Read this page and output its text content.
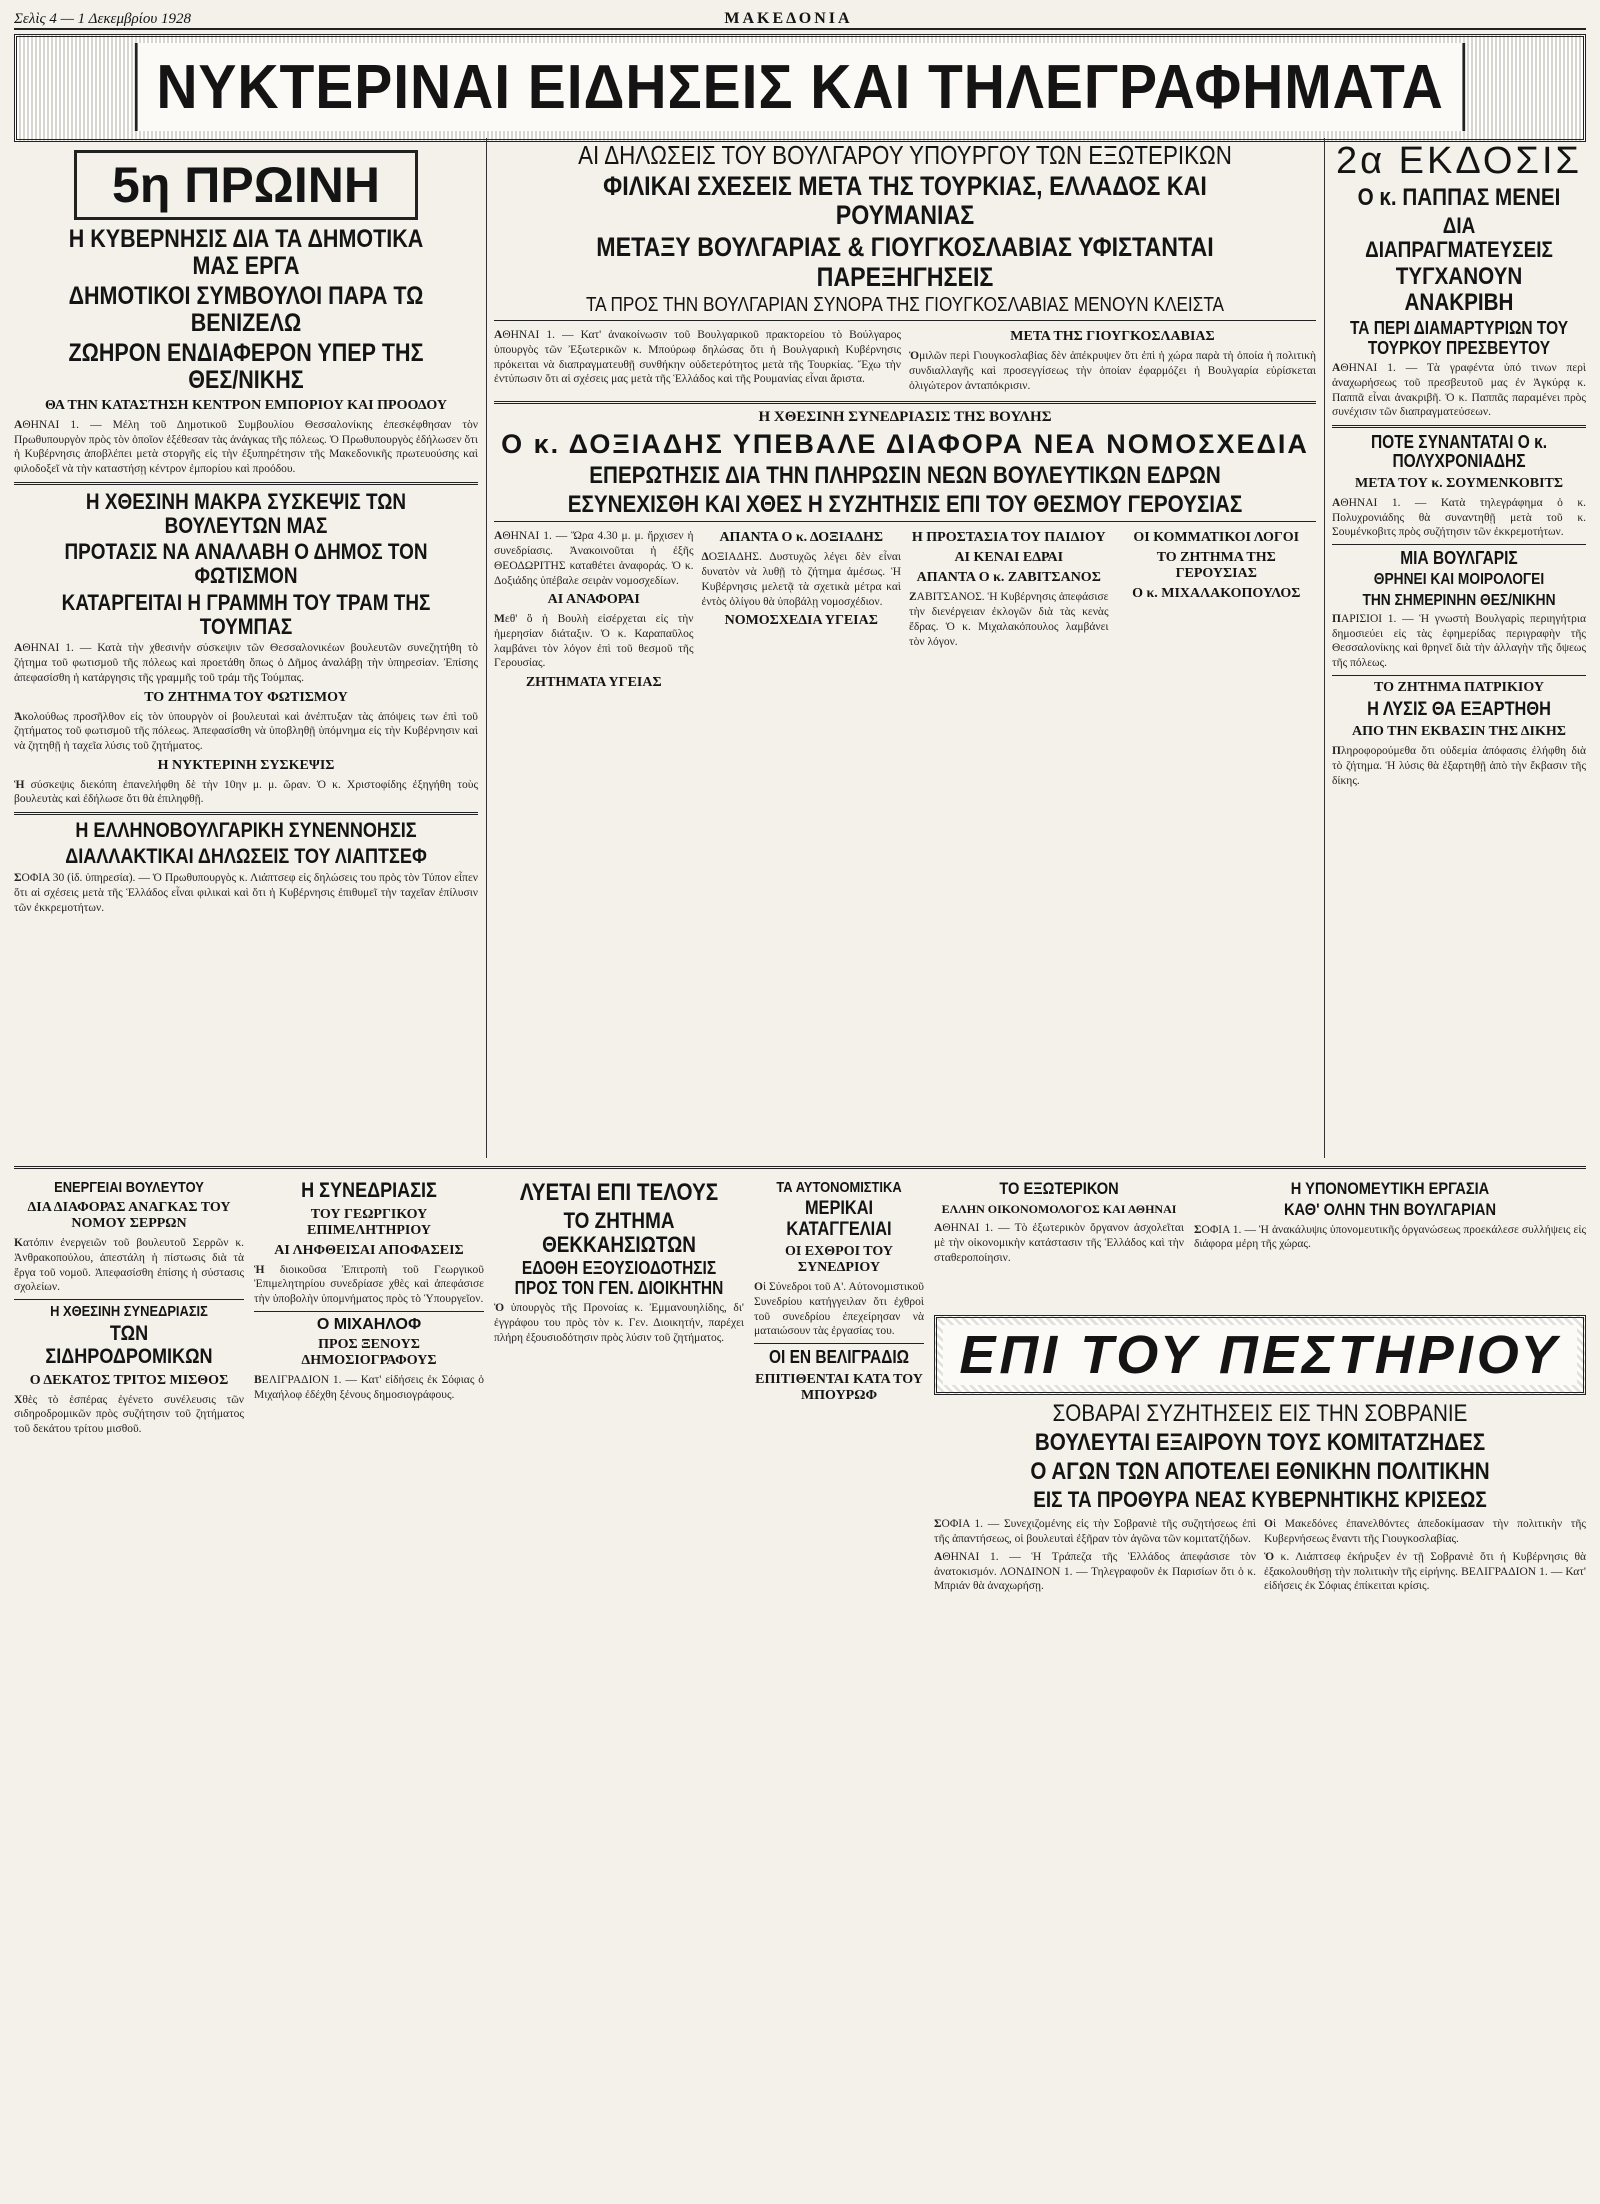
Σελὶς 4 — 1 Δεκεμβρίου 1928	ΜΑΚΕΔΟΝΙΑ
ΝΥΚΤΕΡΙΝΑΙ ΕΙΔΗΣΕΙΣ ΚΑΙ ΤΗΛΕΓΡΑΦΗΜΑΤΑ
5η ΠΡΩΙΝΗ
Η ΚΥΒΕΡΝΗΣΙΣ ΔΙΑ ΤΑ ΔΗΜΟΤΙΚΑ ΜΑΣ ΕΡΓΑ
ΔΗΜΟΤΙΚΟΙ ΣΥΜΒΟΥΛΟΙ ΠΑΡΑ ΤΩ ΒΕΝΙΖΕΛΩ
ΖΩΗΡΟΝ ΕΝΔΙΑΦΕΡΟΝ ΥΠΕΡ ΤΗΣ ΘΕΣ/ΝΙΚΗΣ
ΘΑ ΤΗΝ ΚΑΤΑΣΤΗΣΗ ΚΕΝΤΡΟΝ ΕΜΠΟΡΙΟΥ ΚΑΙ ΠΡΟΟΔΟΥ

ΑΘΗΝΑΙ 1. — Μέλη τοῦ Δημοτικοῦ Συμβουλίου Θεσσαλονίκης ἐπεσκέφθησαν τὸν Πρωθυπουργὸν πρὸς τὸν ὁποῖον ἐξέθεσαν τὰς ἀνάγκας τῆς πόλεως. Ὁ Πρωθυπουργὸς ἐδήλωσεν ὅτι ἡ Κυβέρνησις ἀποβλέπει μετὰ στοργῆς εἰς τὴν ἐξυπηρέτησιν τῆς Μακεδονικῆς πρωτευούσης καὶ φιλοδοξεῖ νὰ τὴν καταστήσῃ κέντρον ἐμπορίου καὶ προόδου.

Η ΧΘΕΣΙΝΗ ΜΑΚΡΑ ΣΥΣΚΕΨΙΣ ΤΩΝ ΒΟΥΛΕΥΤΩΝ ΜΑΣ
ΠΡΟΤΑΣΙΣ ΝΑ ΑΝΑΛΑΒΗ Ο ΔΗΜΟΣ ΤΟΝ ΦΩΤΙΣΜΟΝ
ΚΑΤΑΡΓΕΙΤΑΙ Η ΓΡΑΜΜΗ ΤΟΥ ΤΡΑΜ ΤΗΣ ΤΟΥΜΠΑΣ

ΑΘΗΝΑΙ 1. — Κατὰ τὴν χθεσινὴν σύσκεψιν τῶν Θεσσαλονικέων βουλευτῶν συνεζητήθη τὸ ζήτημα τοῦ φωτισμοῦ τῆς πόλεως καὶ προετάθη ὅπως ὁ Δῆμος ἀναλάβῃ τὴν ὑπηρεσίαν. Ἐπίσης ἀπεφασίσθη ἡ κατάργησις τῆς γραμμῆς τοῦ τράμ τῆς Τούμπας.

ΤΟ ΖΗΤΗΜΑ ΤΟΥ ΦΩΤΙΣΜΟΥ

Ἀκολούθως προσῆλθον εἰς τὸν ὑπουργὸν οἱ βουλευταὶ καὶ ἀνέπτυξαν τὰς ἀπόψεις των ἐπὶ τοῦ ζητήματος τοῦ φωτισμοῦ τῆς πόλεως. Ἀπεφασίσθη νὰ ὑποβληθῇ ὑπόμνημα εἰς τὴν Κυβέρνησιν καὶ νὰ ζητηθῇ ἡ ταχεῖα λύσις τοῦ ζητήματος.

Η ΝΥΚΤΕΡΙΝΗ ΣΥΣΚΕΨΙΣ

Ἡ σύσκεψις διεκόπη ἐπανελήφθη δὲ τὴν 10ην μ. μ. ὥραν. Ὁ κ. Χριστοφίδης ἐξηγήθη τοὺς βουλευτὰς καὶ ἐδήλωσε ὅτι θὰ ἐπιληφθῇ.

Η ΕΛΛΗΝΟΒΟΥΛΓΑΡΙΚΗ ΣΥΝΕΝΝΟΗΣΙΣ
ΔΙΑΛΛΑΚΤΙΚΑΙ ΔΗΛΩΣΕΙΣ ΤΟΥ ΛΙΑΠΤΣΕΦ

ΣΟΦΙΑ 30 (ἰδ. ὑπηρεσία). — Ὁ Πρωθυπουργὸς κ. Λιάπτσεφ εἰς δηλώσεις του πρὸς τὸν Τύπον εἶπεν ὅτι αἱ σχέσεις μετὰ τῆς Ἑλλάδος εἶναι φιλικαὶ καὶ ὅτι ἡ Κυβέρνησις ἐπιθυμεῖ τὴν ταχεῖαν ἐπίλυσιν τῶν ἐκκρεμοτήτων.

ΑΙ ΔΗΛΩΣΕΙΣ ΤΟΥ ΒΟΥΛΓΑΡΟΥ ΥΠΟΥΡΓΟΥ ΤΩΝ ΕΞΩΤΕΡΙΚΩΝ
ΦΙΛΙΚΑΙ ΣΧΕΣΕΙΣ ΜΕΤΑ ΤΗΣ ΤΟΥΡΚΙΑΣ, ΕΛΛΑΔΟΣ ΚΑΙ ΡΟΥΜΑΝΙΑΣ
ΜΕΤΑΞΥ ΒΟΥΛΓΑΡΙΑΣ & ΓΙΟΥΓΚΟΣΛΑΒΙΑΣ ΥΦΙΣΤΑΝΤΑΙ ΠΑΡΕΞΗΓΗΣΕΙΣ
ΤΑ ΠΡΟΣ ΤΗΝ ΒΟΥΛΓΑΡΙΑΝ ΣΥΝΟΡΑ ΤΗΣ ΓΙΟΥΓΚΟΣΛΑΒΙΑΣ ΜΕΝΟΥΝ ΚΛΕΙΣΤΑ

ΑΘΗΝΑΙ 1. — Κατ' ἀνακοίνωσιν τοῦ Βουλγαρικοῦ πρακτορείου τὸ Βούλγαρος ὑπουργὸς τῶν Ἐξωτερικῶν κ. Μπούρωφ δηλώσας ὅτι ἡ Βουλγαρικὴ Κυβέρνησις πρόκειται νὰ διαπραγματευθῇ συνθήκην οὐδετερότητος μετὰ τῆς Τουρκίας. Ἔχω τὴν ἐντύπωσιν ὅτι αἱ σχέσεις μας μετὰ τῆς Ἑλλάδος καὶ τῆς Ρουμανίας εἶναι ἄριστα.

ΜΕΤΑ ΤΗΣ ΓΙΟΥΓΚΟΣΛΑΒΙΑΣ

Ὁμιλῶν περὶ Γιουγκοσλαβίας δὲν ἀπέκρυψεν ὅτι ἐπὶ ἡ χώρα παρὰ τὴ ὁποία ἡ πολιτικὴ συνδιαλλαγῆς καὶ προσεγγίσεως τὴν ὁποίαν ἐφαρμόζει ἡ Βουλγαρία εὑρίσκεται ὀλιγώτερον ἀνταπόκρισιν.

Η ΧΘΕΣΙΝΗ ΣΥΝΕΔΡΙΑΣΙΣ ΤΗΣ ΒΟΥΛΗΣ
Ο κ. ΔΟΞΙΑΔΗΣ ΥΠΕΒΑΛΕ ΔΙΑΦΟΡΑ ΝΕΑ ΝΟΜΟΣΧΕΔΙΑ
ΕΠΕΡΩΤΗΣΙΣ ΔΙΑ ΤΗΝ ΠΛΗΡΩΣΙΝ ΝΕΩΝ ΒΟΥΛΕΥΤΙΚΩΝ ΕΔΡΩΝ
ΕΣΥΝΕΧΙΣΘΗ ΚΑΙ ΧΘΕΣ Η ΣΥΖΗΤΗΣΙΣ ΕΠΙ ΤΟΥ ΘΕΣΜΟΥ ΓΕΡΟΥΣΙΑΣ

ΑΘΗΝΑΙ 1. — Ὥρα 4.30 μ. μ. ἤρχισεν ἡ συνεδρίασις. Ἀνακοινοῦται ἡ ἐξῆς ΘΕΟΔΩΡΙΤΗΣ καταθέτει ἀναφοράς. Ὁ κ. Δοξιάδης ὑπέβαλε σειρὰν νομοσχεδίων.

ΑΙ ΑΝΑΦΟΡΑΙ

Μεθ' ὃ ἡ Βουλὴ εἰσέρχεται εἰς τὴν ἡμερησίαν διάταξιν. Ὁ κ. Καραπαῦλος λαμβάνει τὸν λόγον ἐπὶ τοῦ θεσμοῦ τῆς Γερουσίας.

ΖΗΤΗΜΑΤΑ ΥΓΕΙΑΣ
ΑΠΑΝΤΑ Ο κ. ΔΟΞΙΑΔΗΣ

ΔΟΞΙΑΔΗΣ. Δυστυχῶς λέγει δὲν εἶναι δυνατὸν νὰ λυθῇ τὸ ζήτημα ἀμέσως. Ἡ Κυβέρνησις μελετᾷ τὰ σχετικὰ μέτρα καὶ ἐντὸς ὀλίγου θὰ ὑποβάλῃ νομοσχέδιον.

ΝΟΜΟΣΧΕΔΙΑ ΥΓΕΙΑΣ
Η ΠΡΟΣΤΑΣΙΑ ΤΟΥ ΠΑΙΔΙΟΥ
ΑΙ ΚΕΝΑΙ ΕΔΡΑΙ
ΑΠΑΝΤΑ Ο κ. ΖΑΒΙΤΣΑΝΟΣ

ΖΑΒΙΤΣΑΝΟΣ. Ἡ Κυβέρνησις ἀπεφάσισε τὴν διενέργειαν ἐκλογῶν διὰ τὰς κενὰς ἔδρας. Ὁ κ. Μιχαλακόπουλος λαμβάνει τὸν λόγον.

ΟΙ ΚΟΜΜΑΤΙΚΟΙ ΛΟΓΟΙ
ΤΟ ΖΗΤΗΜΑ ΤΗΣ ΓΕΡΟΥΣΙΑΣ
Ο κ. ΜΙΧΑΛΑΚΟΠΟΥΛΟΣ
2α ΕΚΔΟΣΙΣ
Ο κ. ΠΑΠΠΑΣ ΜΕΝΕΙ
ΔΙΑ ΔΙΑΠΡΑΓΜΑΤΕΥΣΕΙΣ
ΤΥΓΧΑΝΟΥΝ ΑΝΑΚΡΙΒΗ
ΤΑ ΠΕΡΙ ΔΙΑΜΑΡΤΥΡΙΩΝ ΤΟΥ ΤΟΥΡΚΟΥ ΠΡΕΣΒΕΥΤΟΥ

ΑΘΗΝΑΙ 1. — Τὰ γραφέντα ὑπό τινων περὶ ἀναχωρήσεως τοῦ πρεσβευτοῦ μας ἐν Ἀγκύρᾳ κ. Παππᾶ εἶναι ἀνακριβῆ. Ὁ κ. Παππᾶς παραμένει πρὸς συνέχισιν τῶν διαπραγματεύσεων.

ΠΟΤΕ ΣΥΝΑΝΤΑΤΑΙ Ο κ. ΠΟΛΥΧΡΟΝΙΑΔΗΣ
ΜΕΤΑ ΤΟΥ κ. ΣΟΥΜΕΝΚΟΒΙΤΣ

ΑΘΗΝΑΙ 1. — Κατὰ τηλεγράφημα ὁ κ. Πολυχρονιάδης θὰ συναντηθῇ μετὰ τοῦ κ. Σουμένκοβιτς πρὸς συζήτησιν τῶν ἐκκρεμοτήτων.

ΜΙΑ ΒΟΥΛΓΑΡΙΣ
ΘΡΗΝΕΙ ΚΑΙ ΜΟΙΡΟΛΟΓΕΙ
ΤΗΝ ΣΗΜΕΡΙΝΗΝ ΘΕΣ/ΝΙΚΗΝ

ΠΑΡΙΣΙΟΙ 1. — Ἡ γνωστὴ Βουλγαρὶς περιηγήτρια δημοσιεύει εἰς τὰς ἐφημερίδας περιγραφὴν τῆς Θεσσαλονίκης καὶ θρηνεῖ διὰ τὴν ἀλλαγὴν τῆς ὄψεως τῆς πόλεως.

ΤΟ ΖΗΤΗΜΑ ΠΑΤΡΙΚΙΟΥ
Η ΛΥΣΙΣ ΘΑ ΕΞΑΡΤΗΘΗ
ΑΠΟ ΤΗΝ ΕΚΒΑΣΙΝ ΤΗΣ ΔΙΚΗΣ

Πληροφορούμεθα ὅτι οὐδεμία ἀπόφασις ἐλήφθη διὰ τὸ ζήτημα. Ἡ λύσις θὰ ἐξαρτηθῇ ἀπὸ τὴν ἔκβασιν τῆς δίκης.

ΕΝΕΡΓΕΙΑΙ ΒΟΥΛΕΥΤΟΥ
ΔΙΑ ΔΙΑΦΟΡΑΣ ΑΝΑΓΚΑΣ ΤΟΥ ΝΟΜΟΥ ΣΕΡΡΩΝ

Κατόπιν ἐνεργειῶν τοῦ βουλευτοῦ Σερρῶν κ. Ἀνθρακοπούλου, ἀπεστάλη ἡ πίστωσις διὰ τὰ ἔργα τοῦ νομοῦ. Ἀπεφασίσθη ἐπίσης ἡ σύστασις σχολείων.

Η ΧΘΕΣΙΝΗ ΣΥΝΕΔΡΙΑΣΙΣ
ΤΩΝ ΣΙΔΗΡΟΔΡΟΜΙΚΩΝ
Ο ΔΕΚΑΤΟΣ ΤΡΙΤΟΣ ΜΙΣΘΟΣ

Χθὲς τὸ ἑσπέρας ἐγένετο συνέλευσις τῶν σιδηροδρομικῶν πρὸς συζήτησιν τοῦ ζητήματος τοῦ δεκάτου τρίτου μισθοῦ.

Η ΣΥΝΕΔΡΙΑΣΙΣ
ΤΟΥ ΓΕΩΡΓΙΚΟΥ ΕΠΙΜΕΛΗΤΗΡΙΟΥ
ΑΙ ΛΗΦΘΕΙΣΑΙ ΑΠΟΦΑΣΕΙΣ

Ἡ διοικοῦσα Ἐπιτροπὴ τοῦ Γεωργικοῦ Ἐπιμελητηρίου συνεδρίασε χθὲς καὶ ἀπεφάσισε τὴν ὑποβολὴν ὑπομνήματος πρὸς τὸ Ὑπουργεῖον.

Ο ΜΙΧΑΗΛΟΦ
ΠΡΟΣ ΞΕΝΟΥΣ ΔΗΜΟΣΙΟΓΡΑΦΟΥΣ

ΒΕΛΙΓΡΑΔΙΟΝ 1. — Κατ' εἰδήσεις ἐκ Σόφιας ὁ Μιχαήλοφ ἐδέχθη ξένους δημοσιογράφους.

ΛΥΕΤΑΙ ΕΠΙ ΤΕΛΟΥΣ
ΤΟ ΖΗΤΗΜΑ ΘΕΚΚΑΗΣΙΩΤΩΝ
ΕΔΟΘΗ ΕΞΟΥΣΙΟΔΟΤΗΣΙΣ ΠΡΟΣ ΤΟΝ ΓΕΝ. ΔΙΟΙΚΗΤΗΝ

Ὁ ὑπουργὸς τῆς Προνοίας κ. Ἐμμανουηλίδης, δι' ἐγγράφου του πρὸς τὸν κ. Γεν. Διοικητήν, παρέχει πλήρη ἐξουσιοδότησιν πρὸς λύσιν τοῦ ζητήματος.

ΤΑ ΑΥΤΟΝΟΜΙΣΤΙΚΑ
ΜΕΡΙΚΑΙ ΚΑΤΑΓΓΕΛΙΑΙ
ΟΙ ΕΧΘΡΟΙ ΤΟΥ ΣΥΝΕΔΡΙΟΥ

Οἱ Σύνεδροι τοῦ Α'. Αὐτονομιστικοῦ Συνεδρίου κατήγγειλαν ὅτι ἐχθροὶ τοῦ συνεδρίου ἐπεχείρησαν νὰ ματαιώσουν τὰς ἐργασίας του.

ΟΙ ΕΝ ΒΕΛΙΓΡΑΔΙΩ
ΕΠΙΤΙΘΕΝΤΑΙ ΚΑΤΑ ΤΟΥ ΜΠΟΥΡΩΦ
ΤΟ ΕΞΩΤΕΡΙΚΟΝ
ΕΛΛΗΝ ΟΙΚΟΝΟΜΟΛΟΓΟΣ ΚΑΙ ΑΘΗΝΑΙ

ΑΘΗΝΑΙ 1. — Τὸ ἐξωτερικὸν ὄργανον ἀσχολεῖται μὲ τὴν οἰκονομικὴν κατάστασιν τῆς Ἑλλάδος καὶ τὴν σταθεροποίησιν.

Η ΥΠΟΝΟΜΕΥΤΙΚΗ ΕΡΓΑΣΙΑ
ΚΑΘ' ΟΛΗΝ ΤΗΝ ΒΟΥΛΓΑΡΙΑΝ

ΣΟΦΙΑ 1. — Ἡ ἀνακάλυψις ὑπονομευτικῆς ὀργανώσεως προεκάλεσε συλλήψεις εἰς διάφορα μέρη τῆς χώρας.

ΕΠΙ ΤΟΥ ΠΕΣΤΗΡΙΟΥ
ΣΟΒΑΡΑΙ ΣΥΖΗΤΗΣΕΙΣ ΕΙΣ ΤΗΝ ΣΟΒΡΑΝΙΕ
ΒΟΥΛΕΥΤΑΙ ΕΞΑΙΡΟΥΝ ΤΟΥΣ ΚΟΜΙΤΑΤΖΗΔΕΣ
Ο ΑΓΩΝ ΤΩΝ ΑΠΟΤΕΛΕΙ ΕΘΝΙΚΗΝ ΠΟΛΙΤΙΚΗΝ
ΕΙΣ ΤΑ ΠΡΟΘΥΡΑ ΝΕΑΣ ΚΥΒΕΡΝΗΤΙΚΗΣ ΚΡΙΣΕΩΣ

ΣΟΦΙΑ 1. — Συνεχιζομένης εἰς τὴν Σοβρανιὲ τῆς συζητήσεως ἐπὶ τῆς ἀπαντήσεως, οἱ βουλευταὶ ἐξῆραν τὸν ἀγῶνα τῶν κομιτατζήδων.

ΑΘΗΝΑΙ 1. — Ἡ Τράπεζα τῆς Ἑλλάδος ἀπεφάσισε τὸν ἀνατοκισμόν. ΛΟΝΔΙΝΟΝ 1. — Τηλεγραφοῦν ἐκ Παρισίων ὅτι ὁ κ. Μπριάν θὰ ἀναχωρήσῃ.

Οἱ Μακεδόνες ἐπανελθόντες ἀπεδοκίμασαν τὴν πολιτικὴν τῆς Κυβερνήσεως ἔναντι τῆς Γιουγκοσλαβίας.

Ὁ κ. Λιάπτσεφ ἐκήρυξεν ἐν τῇ Σοβρανιὲ ὅτι ἡ Κυβέρνησις θὰ ἐξακολουθήσῃ τὴν πολιτικὴν τῆς εἰρήνης. ΒΕΛΙΓΡΑΔΙΟΝ 1. — Κατ' εἰδήσεις ἐκ Σόφιας ἐπίκειται κρίσις.
